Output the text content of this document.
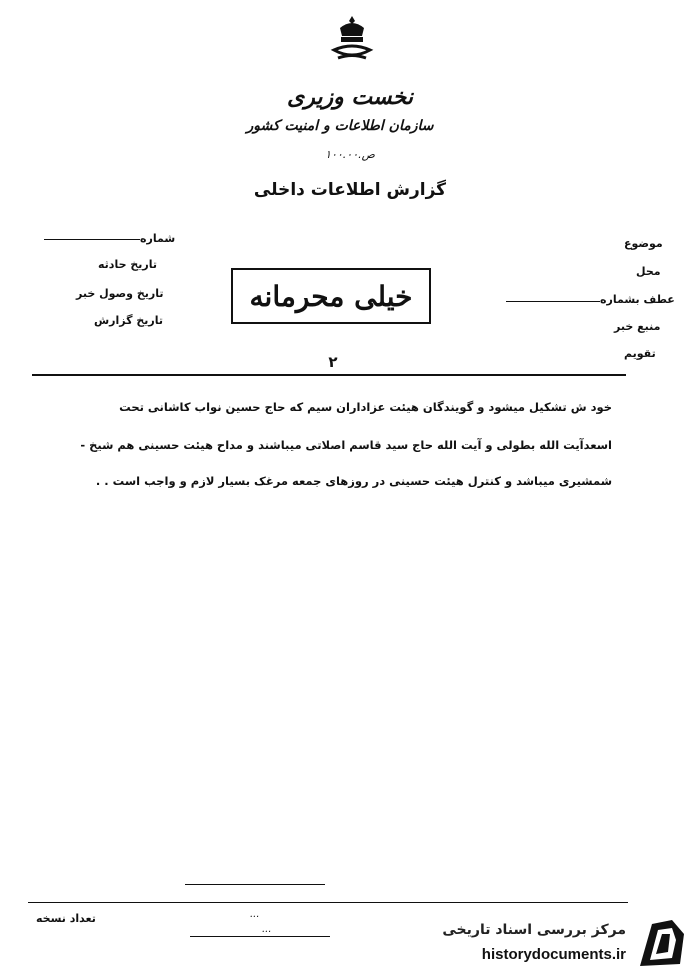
نخست وزیری
سازمان اطلاعات و امنیت کشور
ص.۱۰۰.۰۰
گزارش اطلاعات داخلی
شماره
تاریخ حادثه
تاریخ وصول خبر
تاریخ گزارش
موضوع
محل
عطف بشماره
منبع خبر
تقویم
خیلی محرمانه
۲
خود ش تشکیل میشود و گویندگان هیئت عزاداران سیم که حاج حسین نواب کاشانی تحت
اسعدآیت الله بطولی و آیت الله حاج سید قاسم اصلاتی میباشند و مداح هیئت حسینی هم شیخ -
شمشیری میباشد و کنترل هیئت حسینی در روزهای جمعه مرغک بسیار لازم و واجب است . .
...
...
تعداد نسخه
مرکز بررسی اسناد تاریخی
historydocuments.ir
